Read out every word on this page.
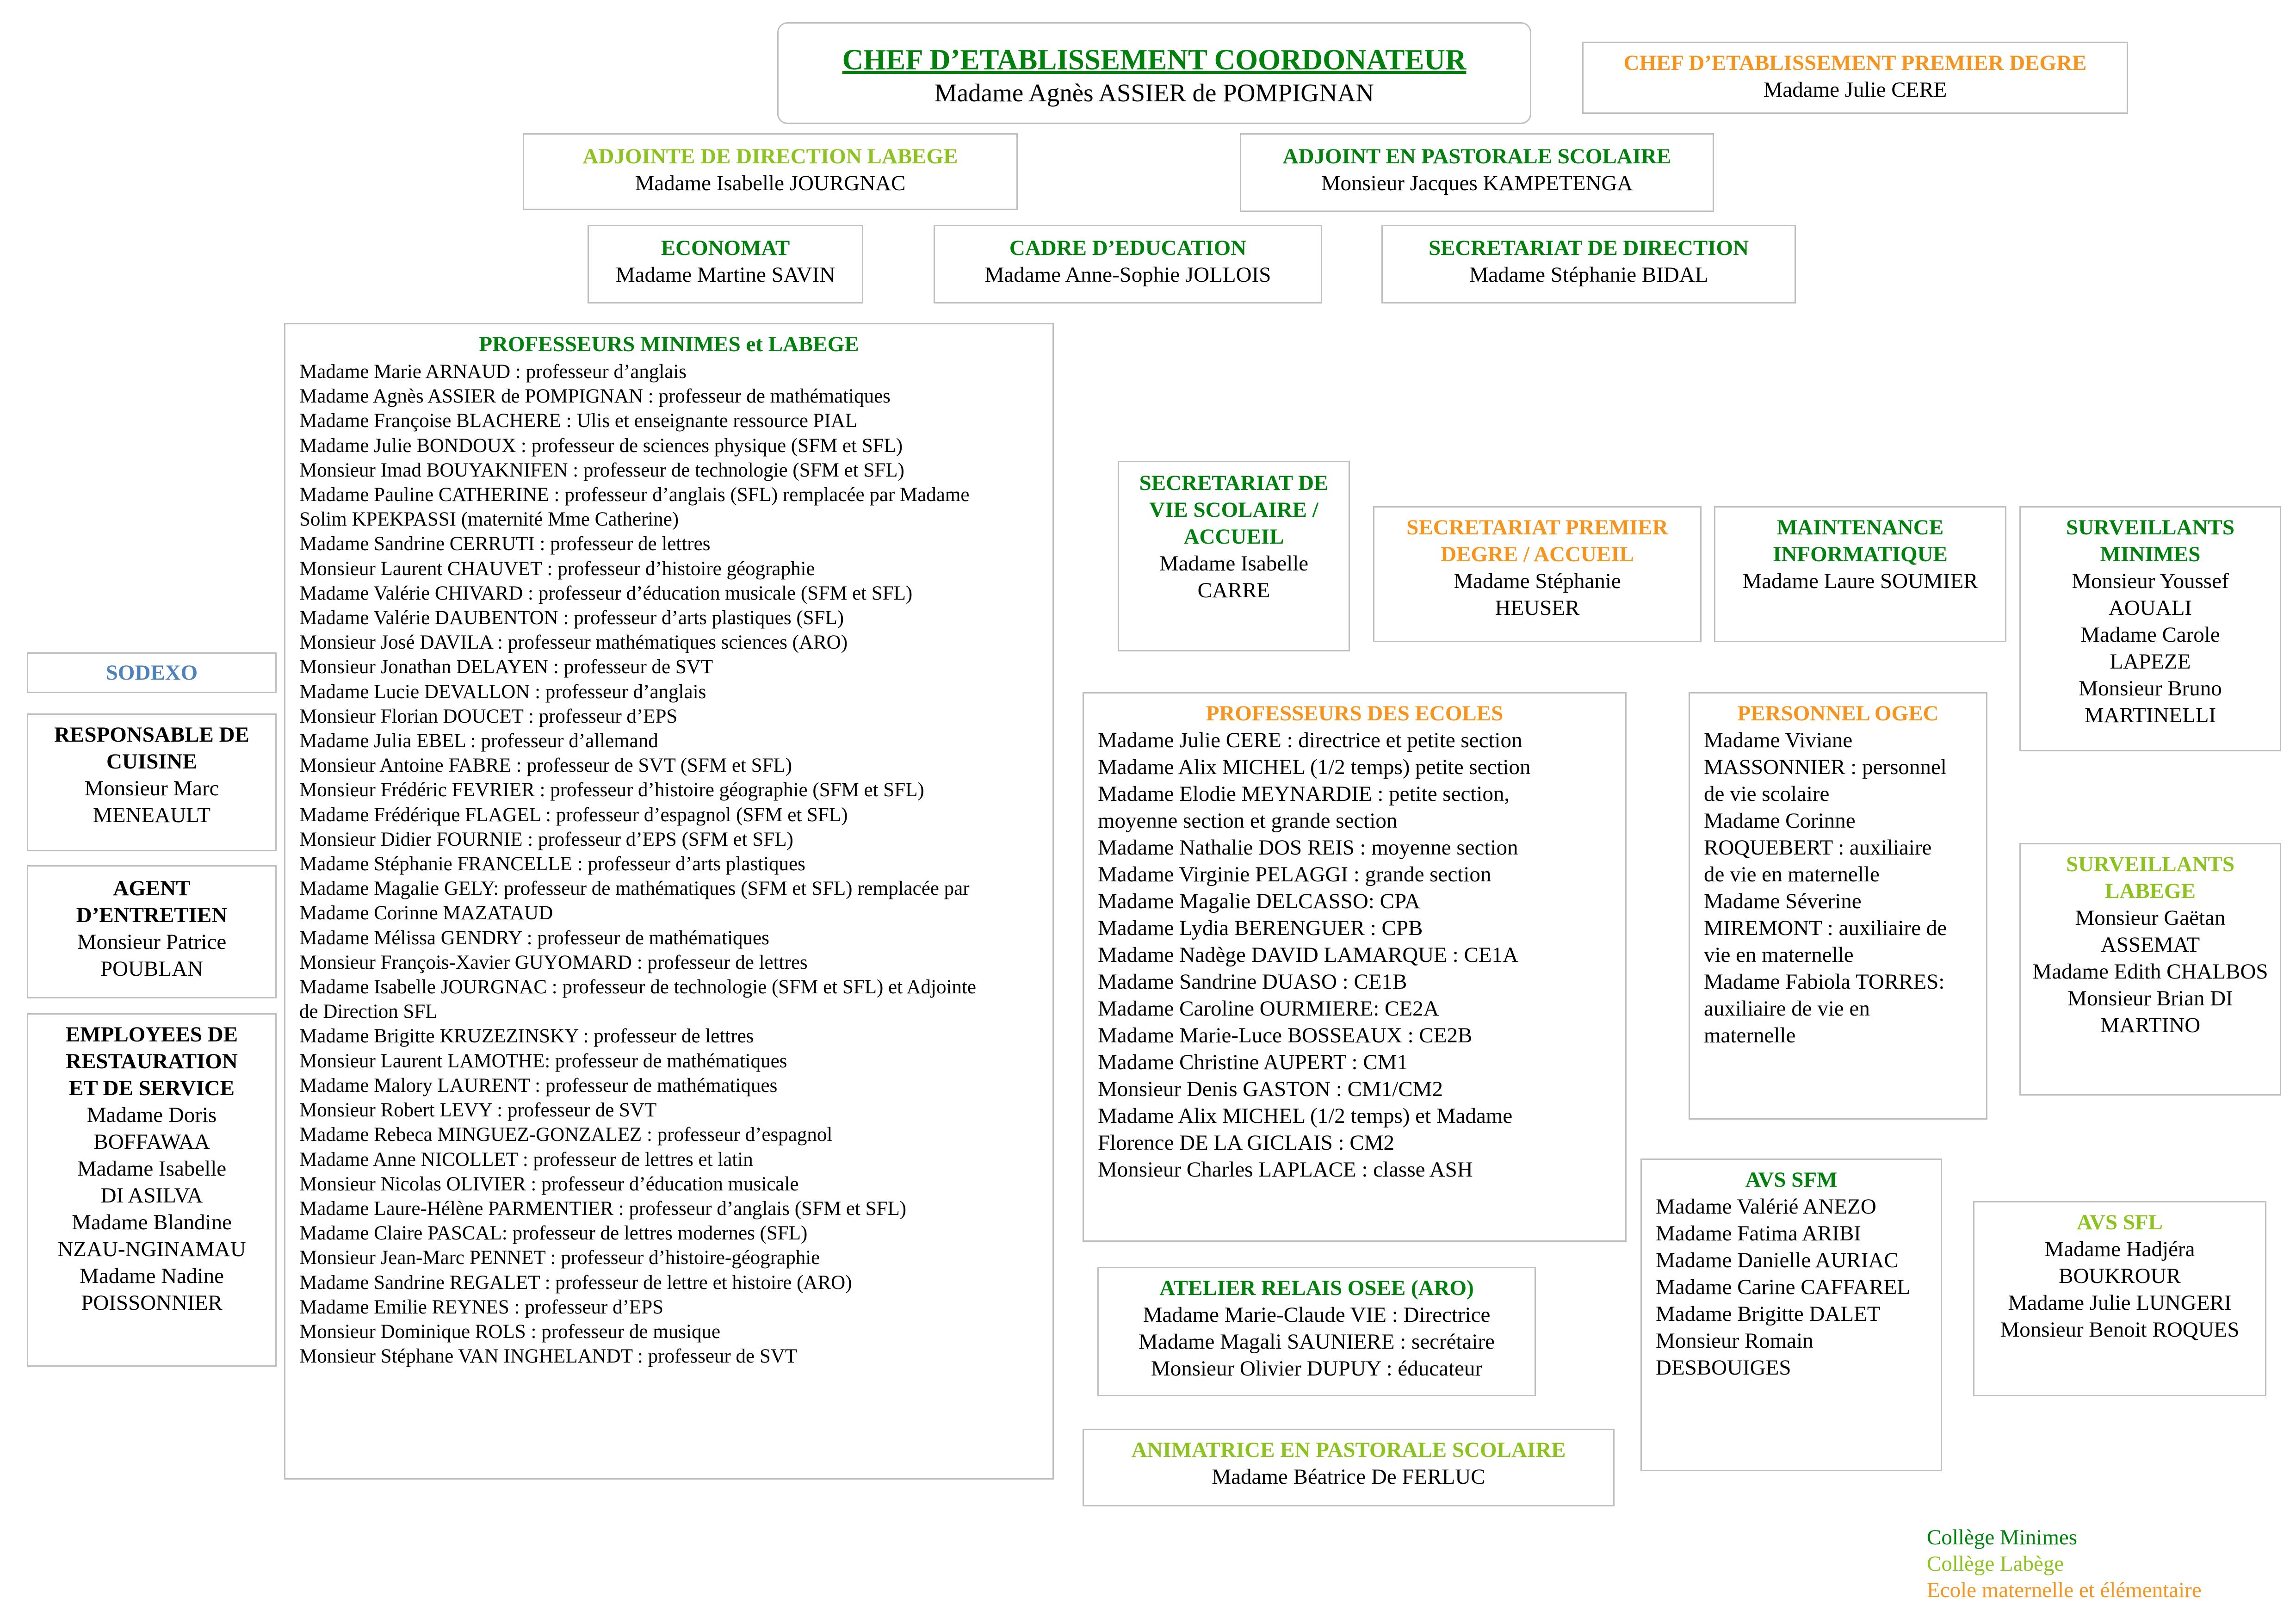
CHEF D’ETABLISSEMENT COORDONATEUR
Madame Agnès ASSIER de POMPIGNAN
CHEF D’ETABLISSEMENT PREMIER DEGRE
Madame Julie CERE
ADJOINTE DE DIRECTION LABEGE
Madame Isabelle JOURGNAC
ADJOINT EN PASTORALE SCOLAIRE
Monsieur Jacques KAMPETENGA
ECONOMAT
Madame Martine SAVIN
CADRE D’EDUCATION
Madame Anne-Sophie JOLLOIS
SECRETARIAT DE DIRECTION
Madame Stéphanie BIDAL
PROFESSEURS MINIMES et LABEGE
Madame Marie ARNAUD : professeur d’anglais
Madame Agnès ASSIER de POMPIGNAN : professeur de mathématiques
Madame Françoise BLACHERE : Ulis et enseignante ressource PIAL
Madame Julie BONDOUX : professeur de sciences physique (SFM et SFL)
Monsieur Imad BOUYAKNIFEN : professeur de technologie (SFM et SFL)
Madame Pauline CATHERINE : professeur d’anglais (SFL) remplacée par Madame
Solim KPEKPASSI (maternité Mme Catherine)
Madame Sandrine CERRUTI : professeur de lettres
Monsieur Laurent CHAUVET : professeur d’histoire géographie
Madame Valérie CHIVARD : professeur d’éducation musicale (SFM et SFL)
Madame Valérie DAUBENTON : professeur d’arts plastiques (SFL)
Monsieur José DAVILA : professeur mathématiques sciences (ARO)
Monsieur Jonathan DELAYEN : professeur de SVT
Madame Lucie DEVALLON : professeur d’anglais
Monsieur Florian DOUCET : professeur d’EPS
Madame Julia EBEL : professeur d’allemand
Monsieur Antoine FABRE : professeur de SVT (SFM et SFL)
Monsieur Frédéric FEVRIER : professeur d’histoire géographie (SFM et SFL)
Madame Frédérique FLAGEL : professeur d’espagnol (SFM et SFL)
Monsieur Didier FOURNIE : professeur d’EPS (SFM et SFL)
Madame Stéphanie FRANCELLE : professeur d’arts plastiques
Madame Magalie GELY: professeur de mathématiques (SFM et SFL) remplacée par
Madame Corinne MAZATAUD
Madame Mélissa GENDRY : professeur de mathématiques
Monsieur François-Xavier GUYOMARD : professeur de lettres
Madame Isabelle JOURGNAC : professeur de technologie (SFM et SFL) et Adjointe
de Direction SFL
Madame Brigitte KRUZEZINSKY : professeur de lettres
Monsieur Laurent LAMOTHE: professeur de mathématiques
Madame Malory LAURENT : professeur de mathématiques
Monsieur Robert LEVY : professeur de SVT
Madame Rebeca MINGUEZ-GONZALEZ : professeur d’espagnol
Madame Anne NICOLLET : professeur de lettres et latin
Monsieur Nicolas OLIVIER : professeur d’éducation musicale
Madame Laure-Hélène PARMENTIER : professeur d’anglais (SFM et SFL)
Madame Claire PASCAL: professeur de lettres modernes (SFL)
Monsieur Jean-Marc PENNET : professeur d’histoire-géographie
Madame Sandrine REGALET : professeur de lettre et histoire (ARO)
Madame Emilie REYNES : professeur d’EPS
Monsieur Dominique ROLS : professeur de musique
Monsieur Stéphane VAN INGHELANDT : professeur de SVT
SODEXO
RESPONSABLE DE
CUISINE
Monsieur Marc
MENEAULT
AGENT
D’ENTRETIEN
Monsieur Patrice
POUBLAN
EMPLOYEES DE
RESTAURATION
ET DE SERVICE
Madame Doris
BOFFAWAA
Madame Isabelle
DI ASILVA
Madame Blandine
NZAU-NGINAMAU
Madame Nadine
POISSONNIER
SECRETARIAT DE
VIE SCOLAIRE /
ACCUEIL
Madame Isabelle
CARRE
SECRETARIAT PREMIER
DEGRE / ACCUEIL
Madame Stéphanie
HEUSER
MAINTENANCE
INFORMATIQUE
Madame Laure SOUMIER
SURVEILLANTS
MINIMES
Monsieur Youssef
AOUALI
Madame Carole
LAPEZE
Monsieur Bruno
MARTINELLI
PROFESSEURS DES ECOLES
Madame Julie CERE : directrice et petite section
Madame Alix MICHEL (1/2 temps) petite section
Madame Elodie MEYNARDIE : petite section,
moyenne section et grande section
Madame Nathalie DOS REIS : moyenne section
Madame Virginie PELAGGI : grande section
Madame Magalie DELCASSO: CPA
Madame Lydia BERENGUER : CPB
Madame Nadège DAVID LAMARQUE : CE1A
Madame Sandrine DUASO : CE1B
Madame Caroline OURMIERE: CE2A
Madame Marie-Luce BOSSEAUX : CE2B
Madame Christine AUPERT : CM1
Monsieur Denis GASTON : CM1/CM2
Madame Alix MICHEL (1/2 temps) et Madame
Florence DE LA GICLAIS : CM2
Monsieur Charles LAPLACE : classe ASH
PERSONNEL OGEC
Madame Viviane
MASSONNIER : personnel
de vie scolaire
Madame Corinne
ROQUEBERT : auxiliaire
de vie en maternelle
Madame Séverine
MIREMONT : auxiliaire de
vie en maternelle
Madame Fabiola TORRES:
auxiliaire de vie en
maternelle
SURVEILLANTS
LABEGE
Monsieur Gaëtan
ASSEMAT
Madame Edith CHALBOS
Monsieur Brian DI
MARTINO
AVS SFM
Madame Valérié ANEZO
Madame Fatima ARIBI
Madame Danielle AURIAC
Madame Carine CAFFAREL
Madame Brigitte DALET
Monsieur Romain
DESBOUIGES
AVS SFL
Madame Hadjéra
BOUKROUR
Madame Julie LUNGERI
Monsieur Benoit ROQUES
ATELIER RELAIS OSEE (ARO)
Madame Marie-Claude VIE : Directrice
Madame Magali SAUNIERE : secrétaire
Monsieur Olivier DUPUY : éducateur
ANIMATRICE EN PASTORALE SCOLAIRE
Madame Béatrice De FERLUC
Collège Minimes
Collège Labège
Ecole maternelle et élémentaire
